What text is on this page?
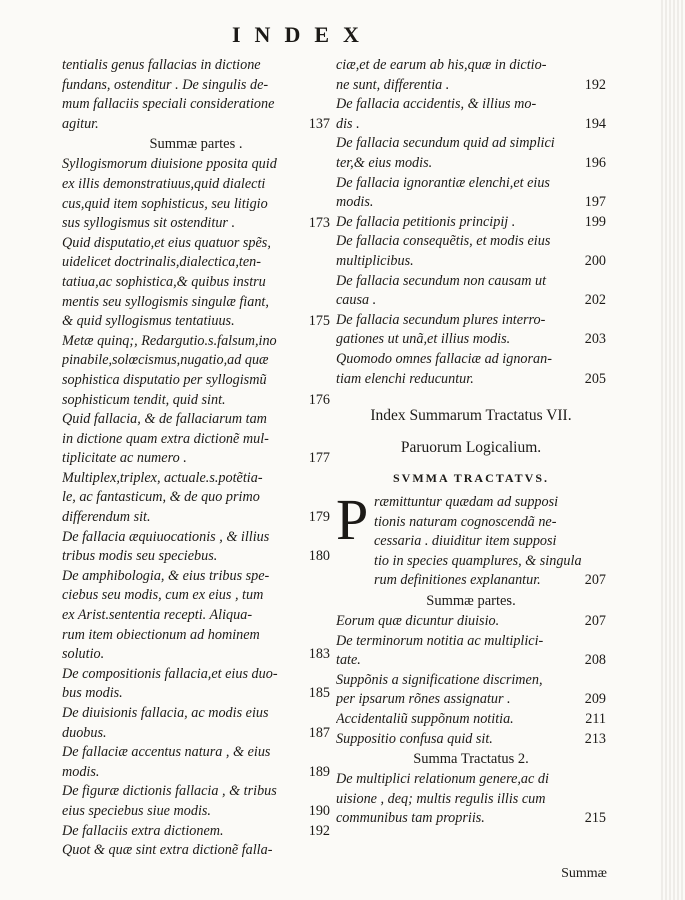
INDEX
tentialis genus fallacias in dictione
fundans, ostenditur . De singulis de-
mum fallaciis speciali consideratione
agitur.	137
Summæ partes .
Syllogismorum diuisione pposita quid
ex illis demonstratiuus,quid dialecti
cus,quid item sophisticus, seu litigio
sus syllogismus sit ostenditur .	173
Quid disputatio,et eius quatuor spẽs,
uidelicet doctrinalis,dialectica,ten-
tatiua,ac sophistica,& quibus instru
mentis seu syllogismis singulæ fiant,
& quid syllogismus tentatiuus.	175
Metæ quinq;, Redargutio.s.falsum,ino
pinabile,solœcismus,nugatio,ad quæ
sophistica disputatio per syllogismũ
sophisticum tendit, quid sint.	176
Quid fallacia, & de fallaciarum tam
in dictione quam extra dictionẽ mul-
tiplicitate ac numero .	177
Multiplex,triplex, actuale.s.potẽtia-
le, ac fantasticum, & de quo primo
differendum sit.	179
De fallacia æquiuocationis , & illius
tribus modis seu speciebus.	180
De amphibologia, & eius tribus spe-
ciebus seu modis, cum ex eius , tum
ex Arist.sententia recepti. Aliqua-
rum item obiectionum ad hominem
solutio.	183
De compositionis fallacia,et eius duo-
bus modis.	185
De diuisionis fallacia, ac modis eius
duobus.	187
De fallaciæ accentus natura , & eius
modis.	189
De figuræ dictionis fallacia , & tribus
eius speciebus siue modis.	190
De fallaciis extra dictionem.	192
Quot & quæ sint extra dictionẽ falla-
ciæ,et de earum ab his,quæ in dictio-
ne sunt, differentia .	192
De fallacia accidentis, & illius mo-
dis .	194
De fallacia secundum quid ad simplici
ter,& eius modis.	196
De fallacia ignorantiæ elenchi,et eius
modis.	197
De fallacia petitionis principij .	199
De fallacia consequẽtis, et modis eius
multiplicibus.	200
De fallacia secundum non causam ut
causa .	202
De fallacia secundum plures interro-
gationes ut unã,et illius modis.	203
Quomodo omnes fallaciæ ad ignoran-
tiam elenchi reducuntur.	205
Index Summarum Tractatus VII.
Paruorum Logicalium.
SVMMA TRACTATVS.
P ræmittuntur quædam ad supposi
tionis naturam cognoscendã ne-
cessaria . diuiditur item supposi
tio in species quamplures, & singula
rum definitiones explanantur.	207
Summæ partes.
Eorum quæ dicuntur diuisio.	207
De terminorum notitia ac multiplici-
tate.	208
Suppõnis a significatione discrimen,
per ipsarum rõnes assignatur .	209
Accidentaliũ suppõnum notitia.	211
Suppositio confusa quid sit.	213
Summa Tractatus 2.
De multiplici relationum genere,ac di
uisione , deq; multis regulis illis cum
communibus tam propriis.	215
Summæ
